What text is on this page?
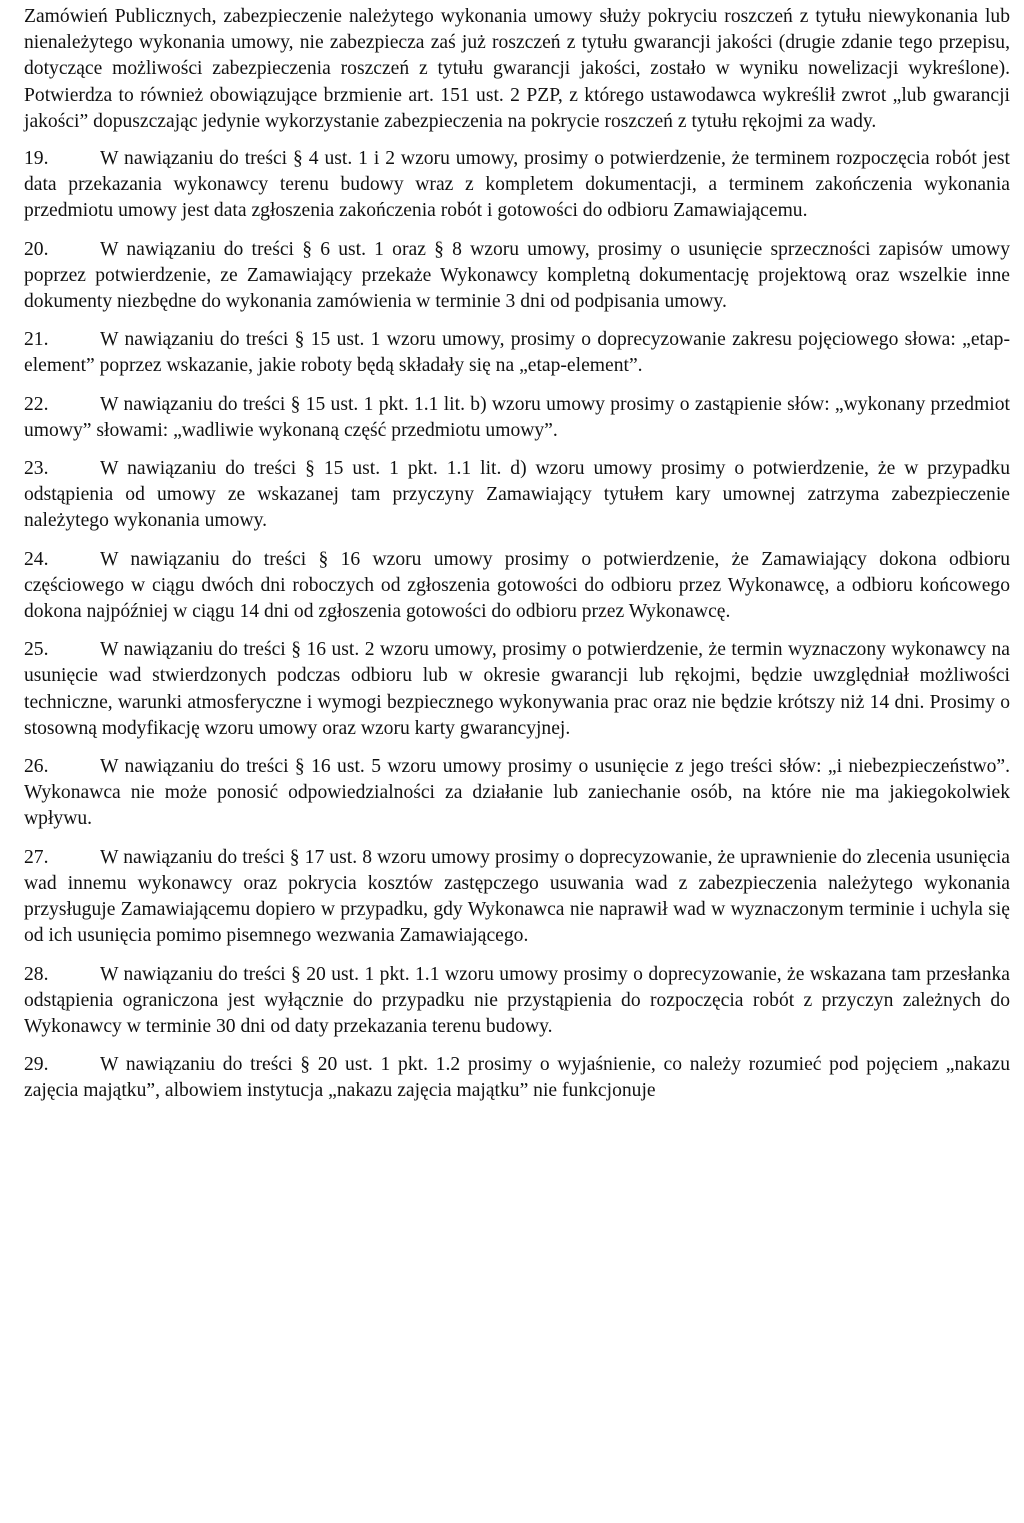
Zamówień Publicznych, zabezpieczenie należytego wykonania umowy służy pokryciu roszczeń z tytułu niewykonania lub nienależytego wykonania umowy, nie zabezpiecza zaś już roszczeń z tytułu gwarancji jakości (drugie zdanie tego przepisu, dotyczące możliwości zabezpieczenia roszczeń z tytułu gwarancji jakości, zostało w wyniku nowelizacji wykreślone). Potwierdza to również obowiązujące brzmienie art. 151 ust. 2 PZP, z którego ustawodawca wykreślił zwrot „lub gwarancji jakości” dopuszczając jedynie wykorzystanie zabezpieczenia na pokrycie roszczeń z tytułu rękojmi za wady.

19.	W nawiązaniu do treści § 4 ust. 1 i 2 wzoru umowy, prosimy o potwierdzenie, że terminem rozpoczęcia robót jest data przekazania wykonawcy terenu budowy wraz z kompletem dokumentacji, a terminem zakończenia wykonania przedmiotu umowy jest data zgłoszenia zakończenia robót i gotowości do odbioru Zamawiającemu.

20.	W nawiązaniu do treści § 6 ust. 1 oraz § 8 wzoru umowy, prosimy o usunięcie sprzeczności zapisów umowy poprzez potwierdzenie, ze Zamawiający przekaże Wykonawcy kompletną dokumentację projektową oraz wszelkie inne dokumenty niezbędne do wykonania zamówienia w terminie 3 dni od podpisania umowy.

21.	W nawiązaniu do treści § 15 ust. 1 wzoru umowy, prosimy o doprecyzowanie zakresu pojęciowego słowa: „etap-element” poprzez wskazanie, jakie roboty będą składały się na „etap-element”.

22.	W nawiązaniu do treści § 15 ust. 1 pkt. 1.1 lit. b) wzoru umowy prosimy o zastąpienie słów: „wykonany przedmiot umowy” słowami: „wadliwie wykonaną część przedmiotu umowy”.

23.	W nawiązaniu do treści § 15 ust. 1 pkt. 1.1 lit. d) wzoru umowy prosimy o potwierdzenie, że w przypadku odstąpienia od umowy ze wskazanej tam przyczyny Zamawiający tytułem kary umownej zatrzyma zabezpieczenie należytego wykonania umowy.

24.	W nawiązaniu do treści § 16 wzoru umowy prosimy o potwierdzenie, że Zamawiający dokona odbioru częściowego w ciągu dwóch dni roboczych od zgłoszenia gotowości do odbioru przez Wykonawcę, a odbioru końcowego dokona najpóźniej w ciągu 14 dni od zgłoszenia gotowości do odbioru przez Wykonawcę.

25.	W nawiązaniu do treści § 16 ust. 2 wzoru umowy, prosimy o potwierdzenie, że termin wyznaczony wykonawcy na usunięcie wad stwierdzonych podczas odbioru lub w okresie gwarancji lub rękojmi, będzie uwzględniał możliwości techniczne, warunki atmosferyczne i wymogi bezpiecznego wykonywania prac oraz nie będzie krótszy niż 14 dni. Prosimy o stosowną modyfikację wzoru umowy oraz wzoru karty gwarancyjnej.

26.	W nawiązaniu do treści § 16 ust. 5 wzoru umowy prosimy o usunięcie z jego treści słów: „i niebezpieczeństwo”. Wykonawca nie może ponosić odpowiedzialności za działanie lub zaniechanie osób, na które nie ma jakiegokolwiek wpływu.

27.	W nawiązaniu do treści § 17 ust. 8 wzoru umowy prosimy o doprecyzowanie, że uprawnienie do zlecenia usunięcia wad innemu wykonawcy oraz pokrycia kosztów zastępczego usuwania wad z zabezpieczenia należytego wykonania przysługuje Zamawiającemu dopiero w przypadku, gdy Wykonawca nie naprawił wad w wyznaczonym terminie i uchyla się od ich usunięcia pomimo pisemnego wezwania Zamawiającego.

28.	W nawiązaniu do treści § 20 ust. 1 pkt. 1.1 wzoru umowy prosimy o doprecyzowanie, że wskazana tam przesłanka odstąpienia ograniczona jest wyłącznie do przypadku nie przystąpienia do rozpoczęcia robót z przyczyn zależnych do Wykonawcy w terminie 30 dni od daty przekazania terenu budowy.

29.	W nawiązaniu do treści § 20 ust. 1 pkt. 1.2 prosimy o wyjaśnienie, co należy rozumieć pod pojęciem „nakazu zajęcia majątku”, albowiem instytucja „nakazu zajęcia majątku” nie funkcjonuje
